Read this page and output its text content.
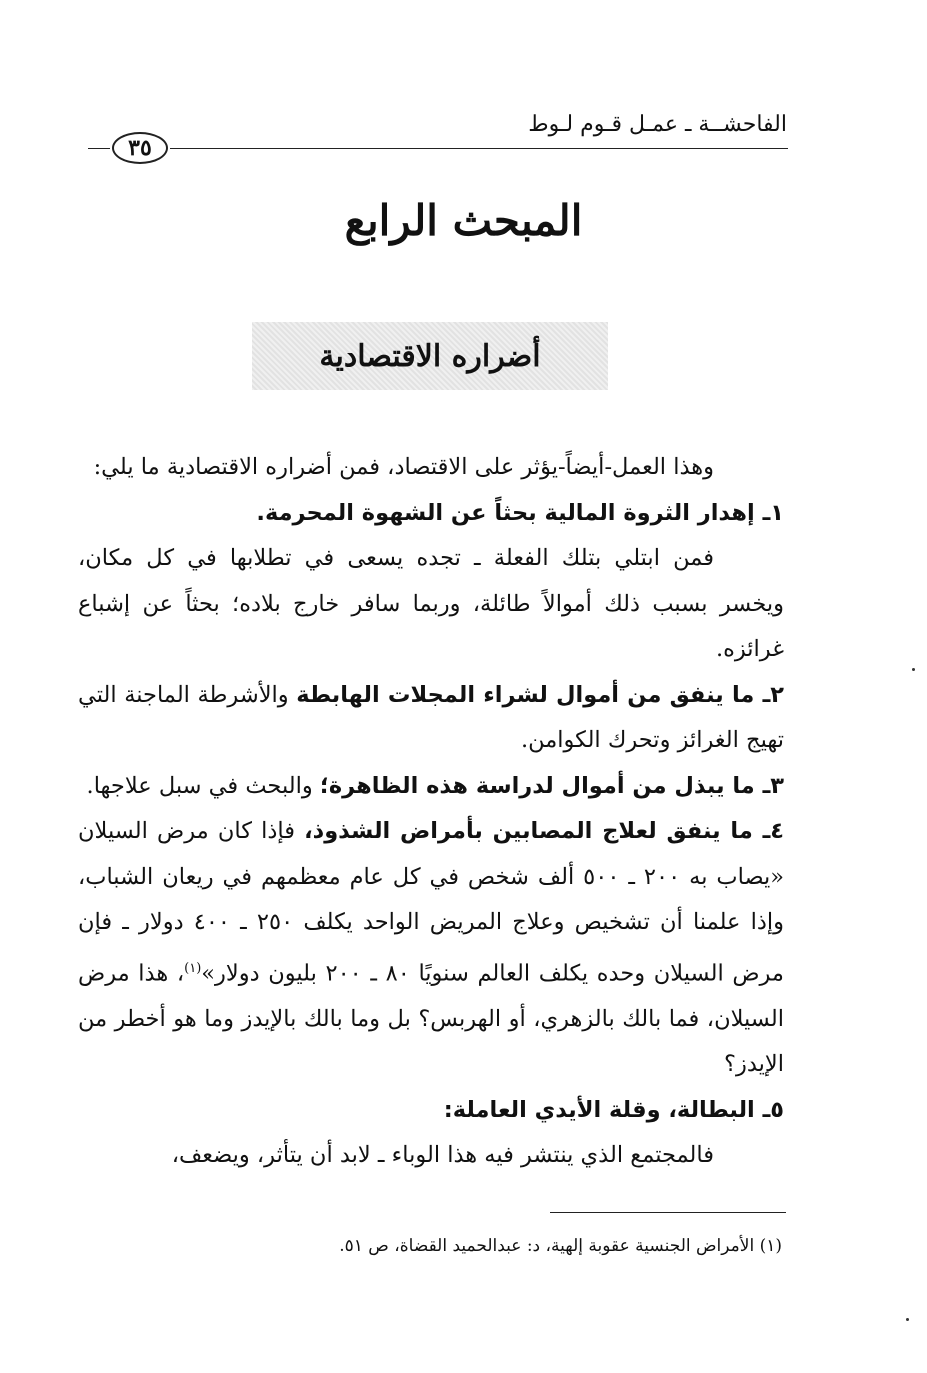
الفاحشــة ـ عمـل قـوم لـوط
٣٥
المبحث الرابع
أضراره الاقتصادية

وهذا العمل-أيضاً-يؤثر على الاقتصاد، فمن أضراره الاقتصادية ما يلي:

١ـ إهدار الثروة المالية بحثاً عن الشهوة المحرمة.

فمن ابتلي بتلك الفعلة ـ تجده يسعى في تطلابها في كل مكان، ويخسر بسبب ذلك أموالاً طائلة، وربما سافر خارج بلاده؛ بحثاً عن إشباع غرائزه.

٢ـ ما ينفق من أموال لشراء المجلات الهابطة والأشرطة الماجنة التي تهيج الغرائز وتحرك الكوامن.

٣ـ ما يبذل من أموال لدراسة هذه الظاهرة؛ والبحث في سبل علاجها.

٤ـ ما ينفق لعلاج المصابين بأمراض الشذوذ، فإذا كان مرض السيلان «يصاب به ٢٠٠ ـ ٥٠٠ ألف شخص في كل عام معظمهم في ريعان الشباب، وإذا علمنا أن تشخيص وعلاج المريض الواحد يكلف ٢٥٠ ـ ٤٠٠ دولار ـ فإن مرض السيلان وحده يكلف العالم سنويًا ٨٠ ـ ٢٠٠ بليون دولار»$^{(١)}$، هذا مرض السيلان، فما بالك بالزهري، أو الهربس؟ بل وما بالك بالإيدز وما هو أخطر من الإيدز؟

٥ـ البطالة، وقلة الأيدي العاملة:

فالمجتمع الذي ينتشر فيه هذا الوباء ـ لابد أن يتأثر، ويضعف،

(١) الأمراض الجنسية عقوبة إلهية، د: عبدالحميد القضاة، ص ٥١.
